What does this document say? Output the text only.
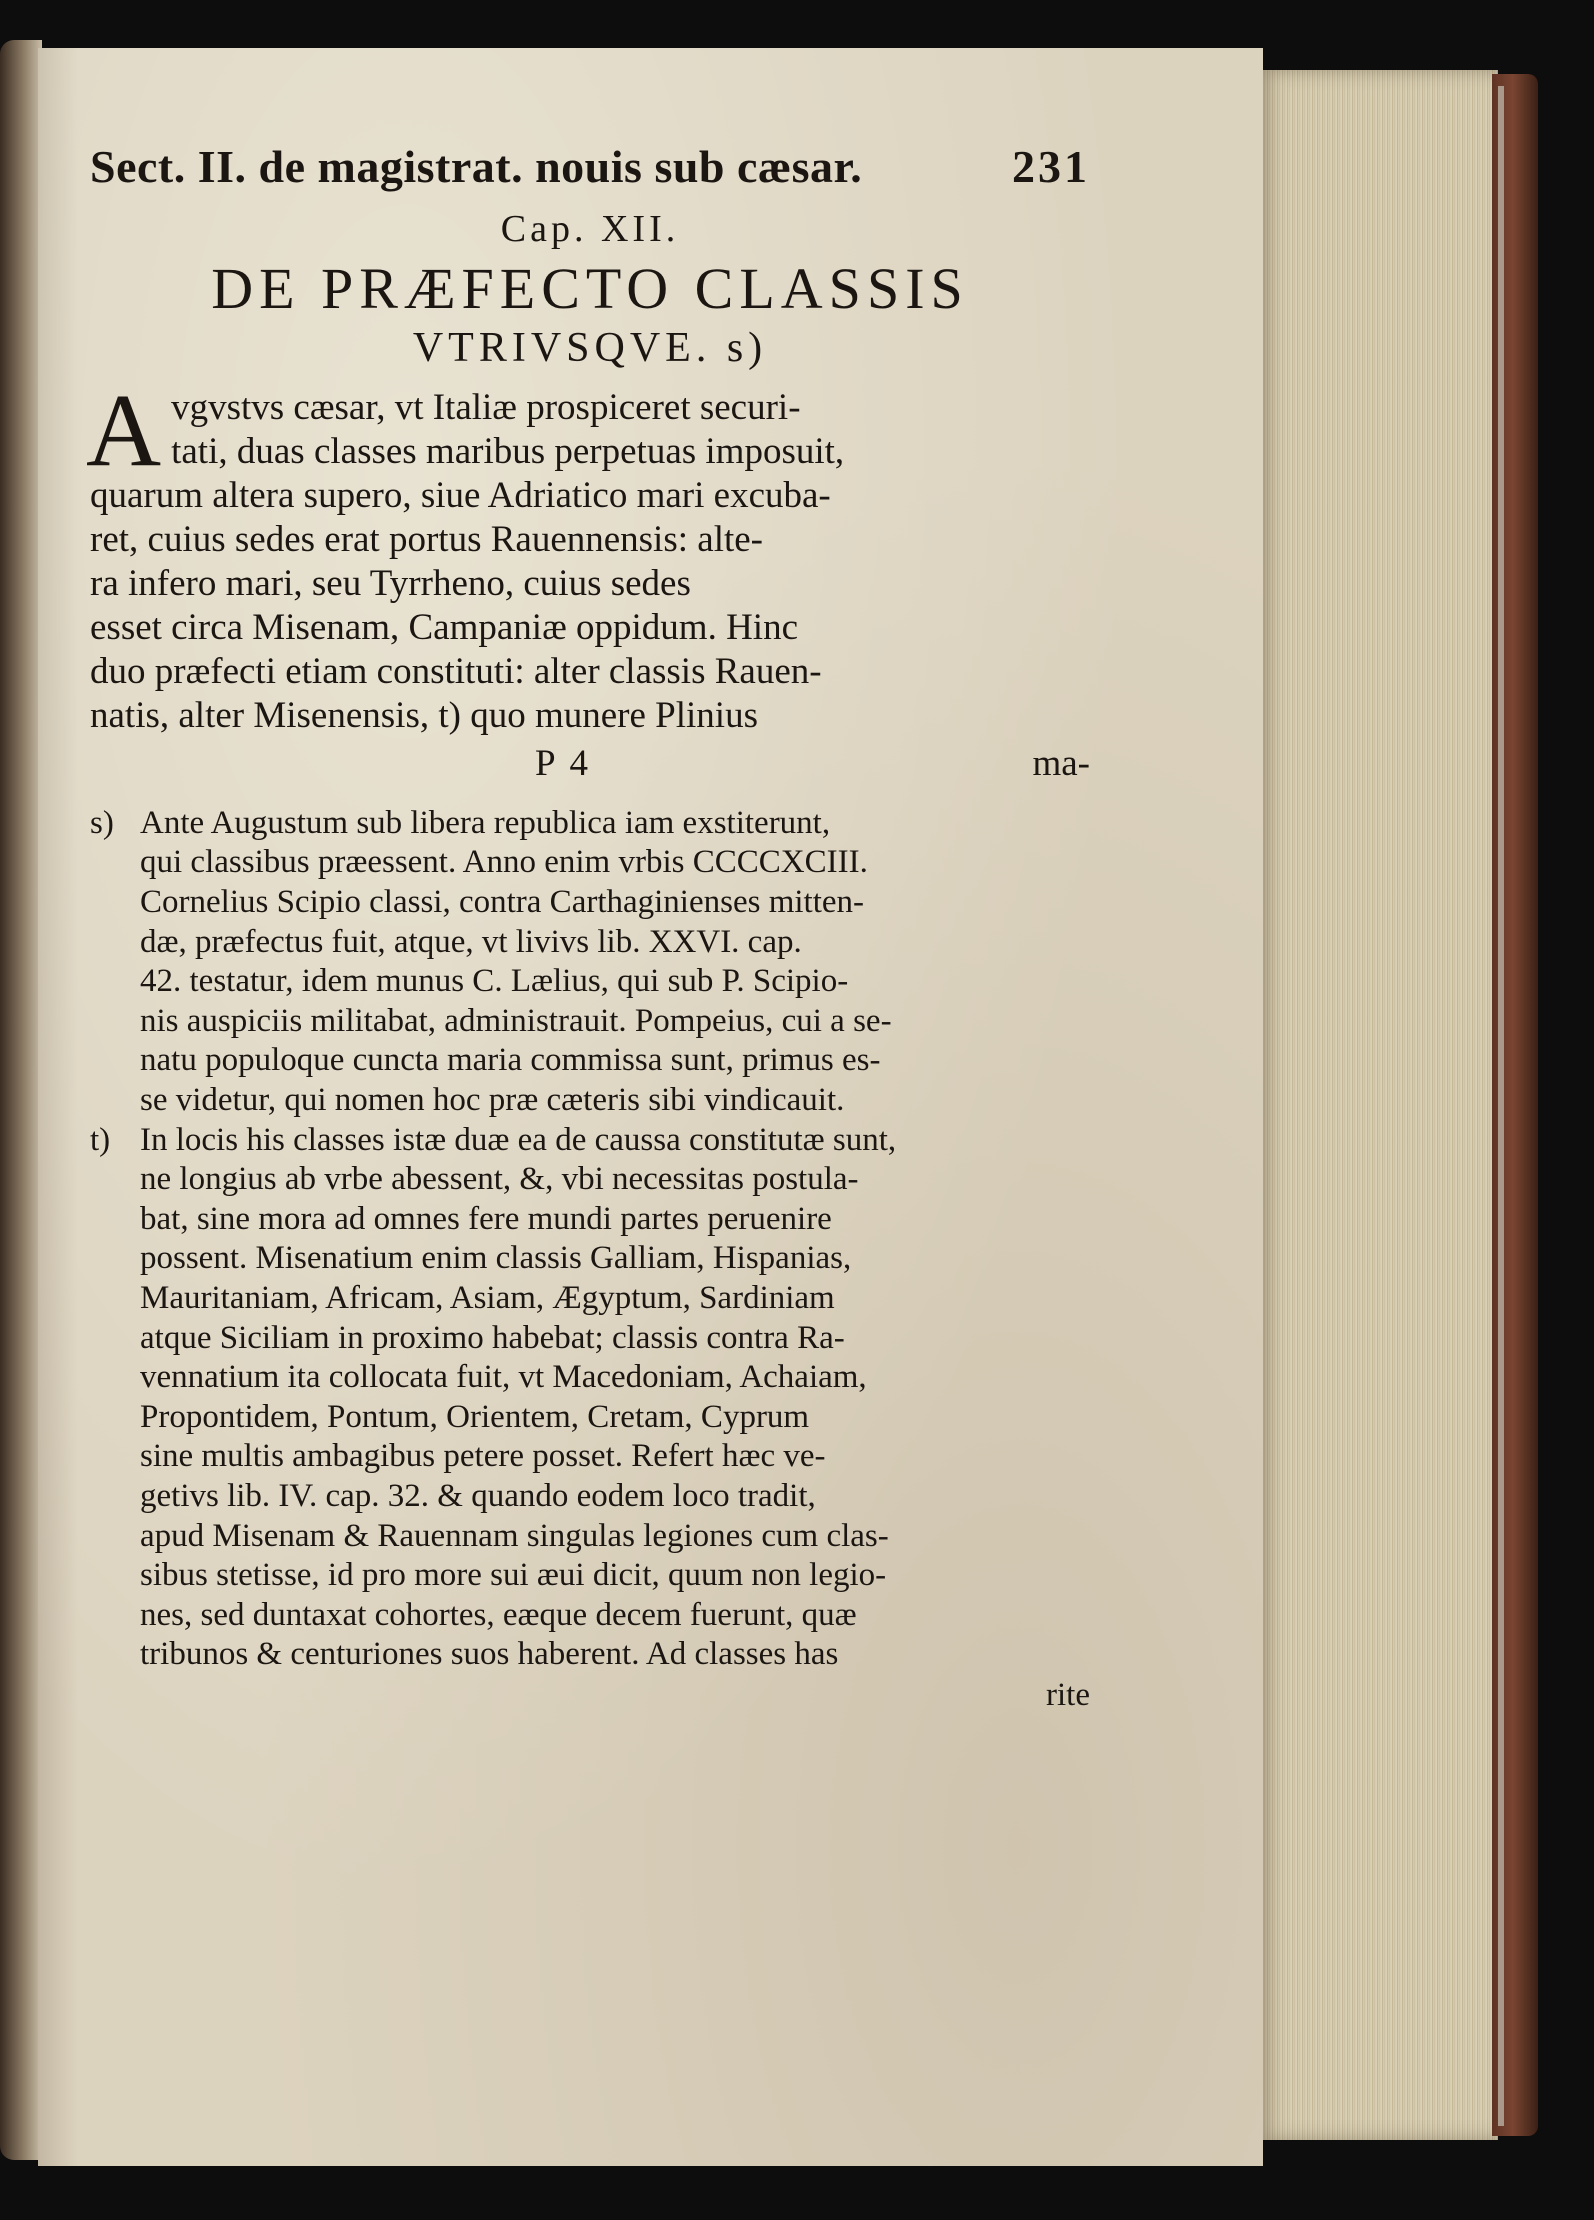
Sect. II. de magistrat. nouis sub cæsar.	231
Cap. XII.
DE PRÆFECTO CLASSIS
VTRIVSQVE. s)
A vgvstvs cæsar, vt Italiæ prospiceret securi-
tati, duas classes maribus perpetuas imposuit,
quarum altera supero, siue Adriatico mari excuba-
ret, cuius sedes erat portus Rauennensis: alte-
ra infero mari, seu Tyrrheno, cuius sedes
esset circa Misenam, Campaniæ oppidum. Hinc
duo præfecti etiam constituti: alter classis Rauen-
natis, alter Misenensis, t) quo munere Plinius
P 4	ma-
s) Ante Augustum sub libera republica iam exstiterunt,
qui classibus præessent. Anno enim vrbis CCCCXCIII.
Cornelius Scipio classi, contra Carthaginienses mitten-
dæ, præfectus fuit, atque, vt livivs lib. XXVI. cap.
42. testatur, idem munus C. Lælius, qui sub P. Scipio-
nis auspiciis militabat, administrauit. Pompeius, cui a se-
natu populoque cuncta maria commissa sunt, primus es-
se videtur, qui nomen hoc præ cæteris sibi vindicauit.
t) In locis his classes istæ duæ ea de caussa constitutæ sunt,
ne longius ab vrbe abessent, &, vbi necessitas postula-
bat, sine mora ad omnes fere mundi partes peruenire
possent. Misenatium enim classis Galliam, Hispanias,
Mauritaniam, Africam, Asiam, Ægyptum, Sardiniam
atque Siciliam in proximo habebat; classis contra Ra-
vennatium ita collocata fuit, vt Macedoniam, Achaiam,
Propontidem, Pontum, Orientem, Cretam, Cyprum
sine multis ambagibus petere posset. Refert hæc ve-
getivs lib. IV. cap. 32. & quando eodem loco tradit,
apud Misenam & Rauennam singulas legiones cum clas-
sibus stetisse, id pro more sui æui dicit, quum non legio-
nes, sed duntaxat cohortes, eæque decem fuerunt, quæ
tribunos & centuriones suos haberent. Ad classes has
rite
